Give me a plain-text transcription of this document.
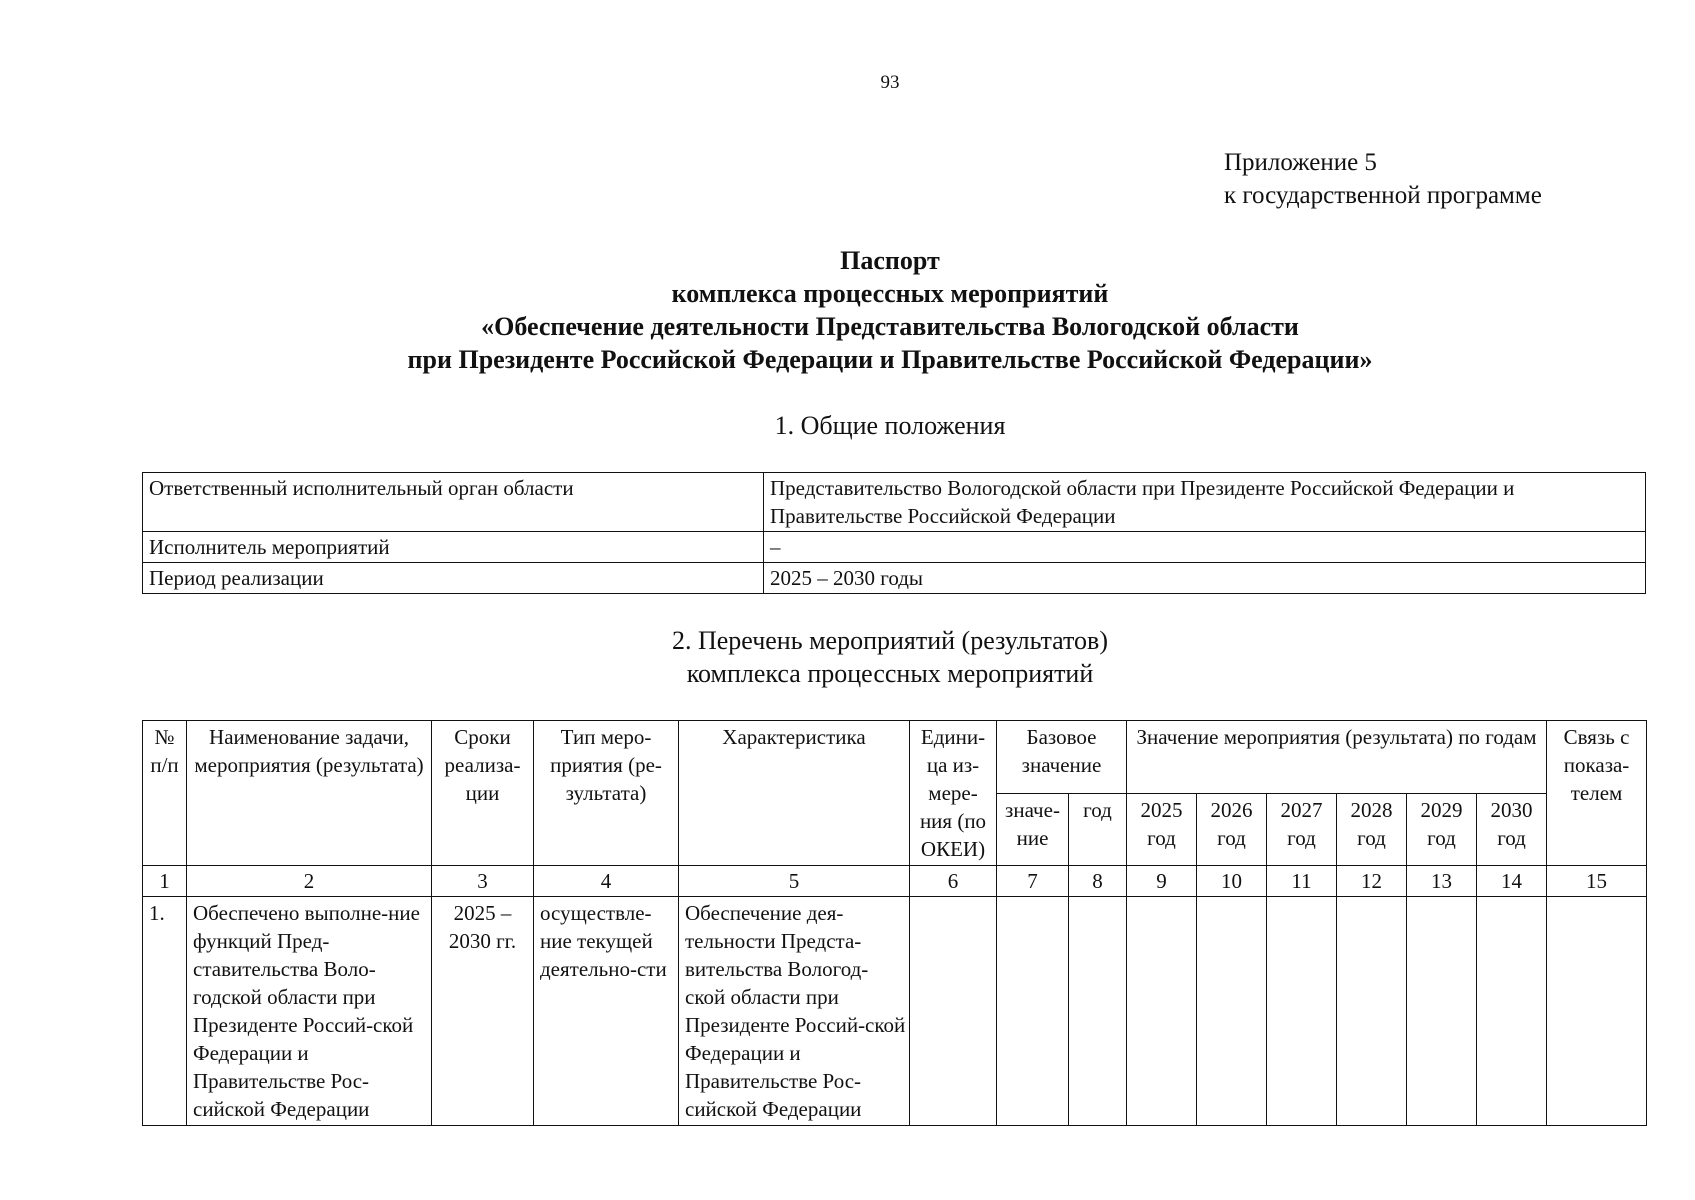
93
Приложение 5
к государственной программе
Паспорт
комплекса процессных мероприятий
«Обеспечение деятельности Представительства Вологодской области
при Президенте Российской Федерации и Правительстве Российской Федерации»
1. Общие положения
Ответственный исполнительный орган области	Представительство Вологодской области при Президенте Российской Федерации и Правительстве Российской Федерации
Исполнитель мероприятий	–
Период реализации	2025 – 2030 годы
2. Перечень мероприятий (результатов)
комплекса процессных мероприятий
№ п/п	Наименование задачи, мероприятия (результата)	Сроки реализа-ции	Тип меро-приятия (ре-зультата)	Характеристика	Едини-ца из-мере-ния (по ОКЕИ)	Базовое значение		Значение мероприятия (результата) по годам						Связь с показа-телем
						значе-ние	год	2025 год	2026 год	2027 год	2028 год	2029 год	2030 год	
1	2	3	4	5	6	7	8	9	10	11	12	13	14	15
1.	Обеспечено выполне-ние функций Пред-ставительства Воло-годской области при Президенте Россий-ской Федерации и Правительстве Рос-сийской Федерации	2025 – 2030 гг.	осуществле-ние текущей деятельно-сти	Обеспечение дея-тельности Предста-вительства Вологод-ской области при Президенте Россий-ской Федерации и Правительстве Рос-сийской Федерации										
